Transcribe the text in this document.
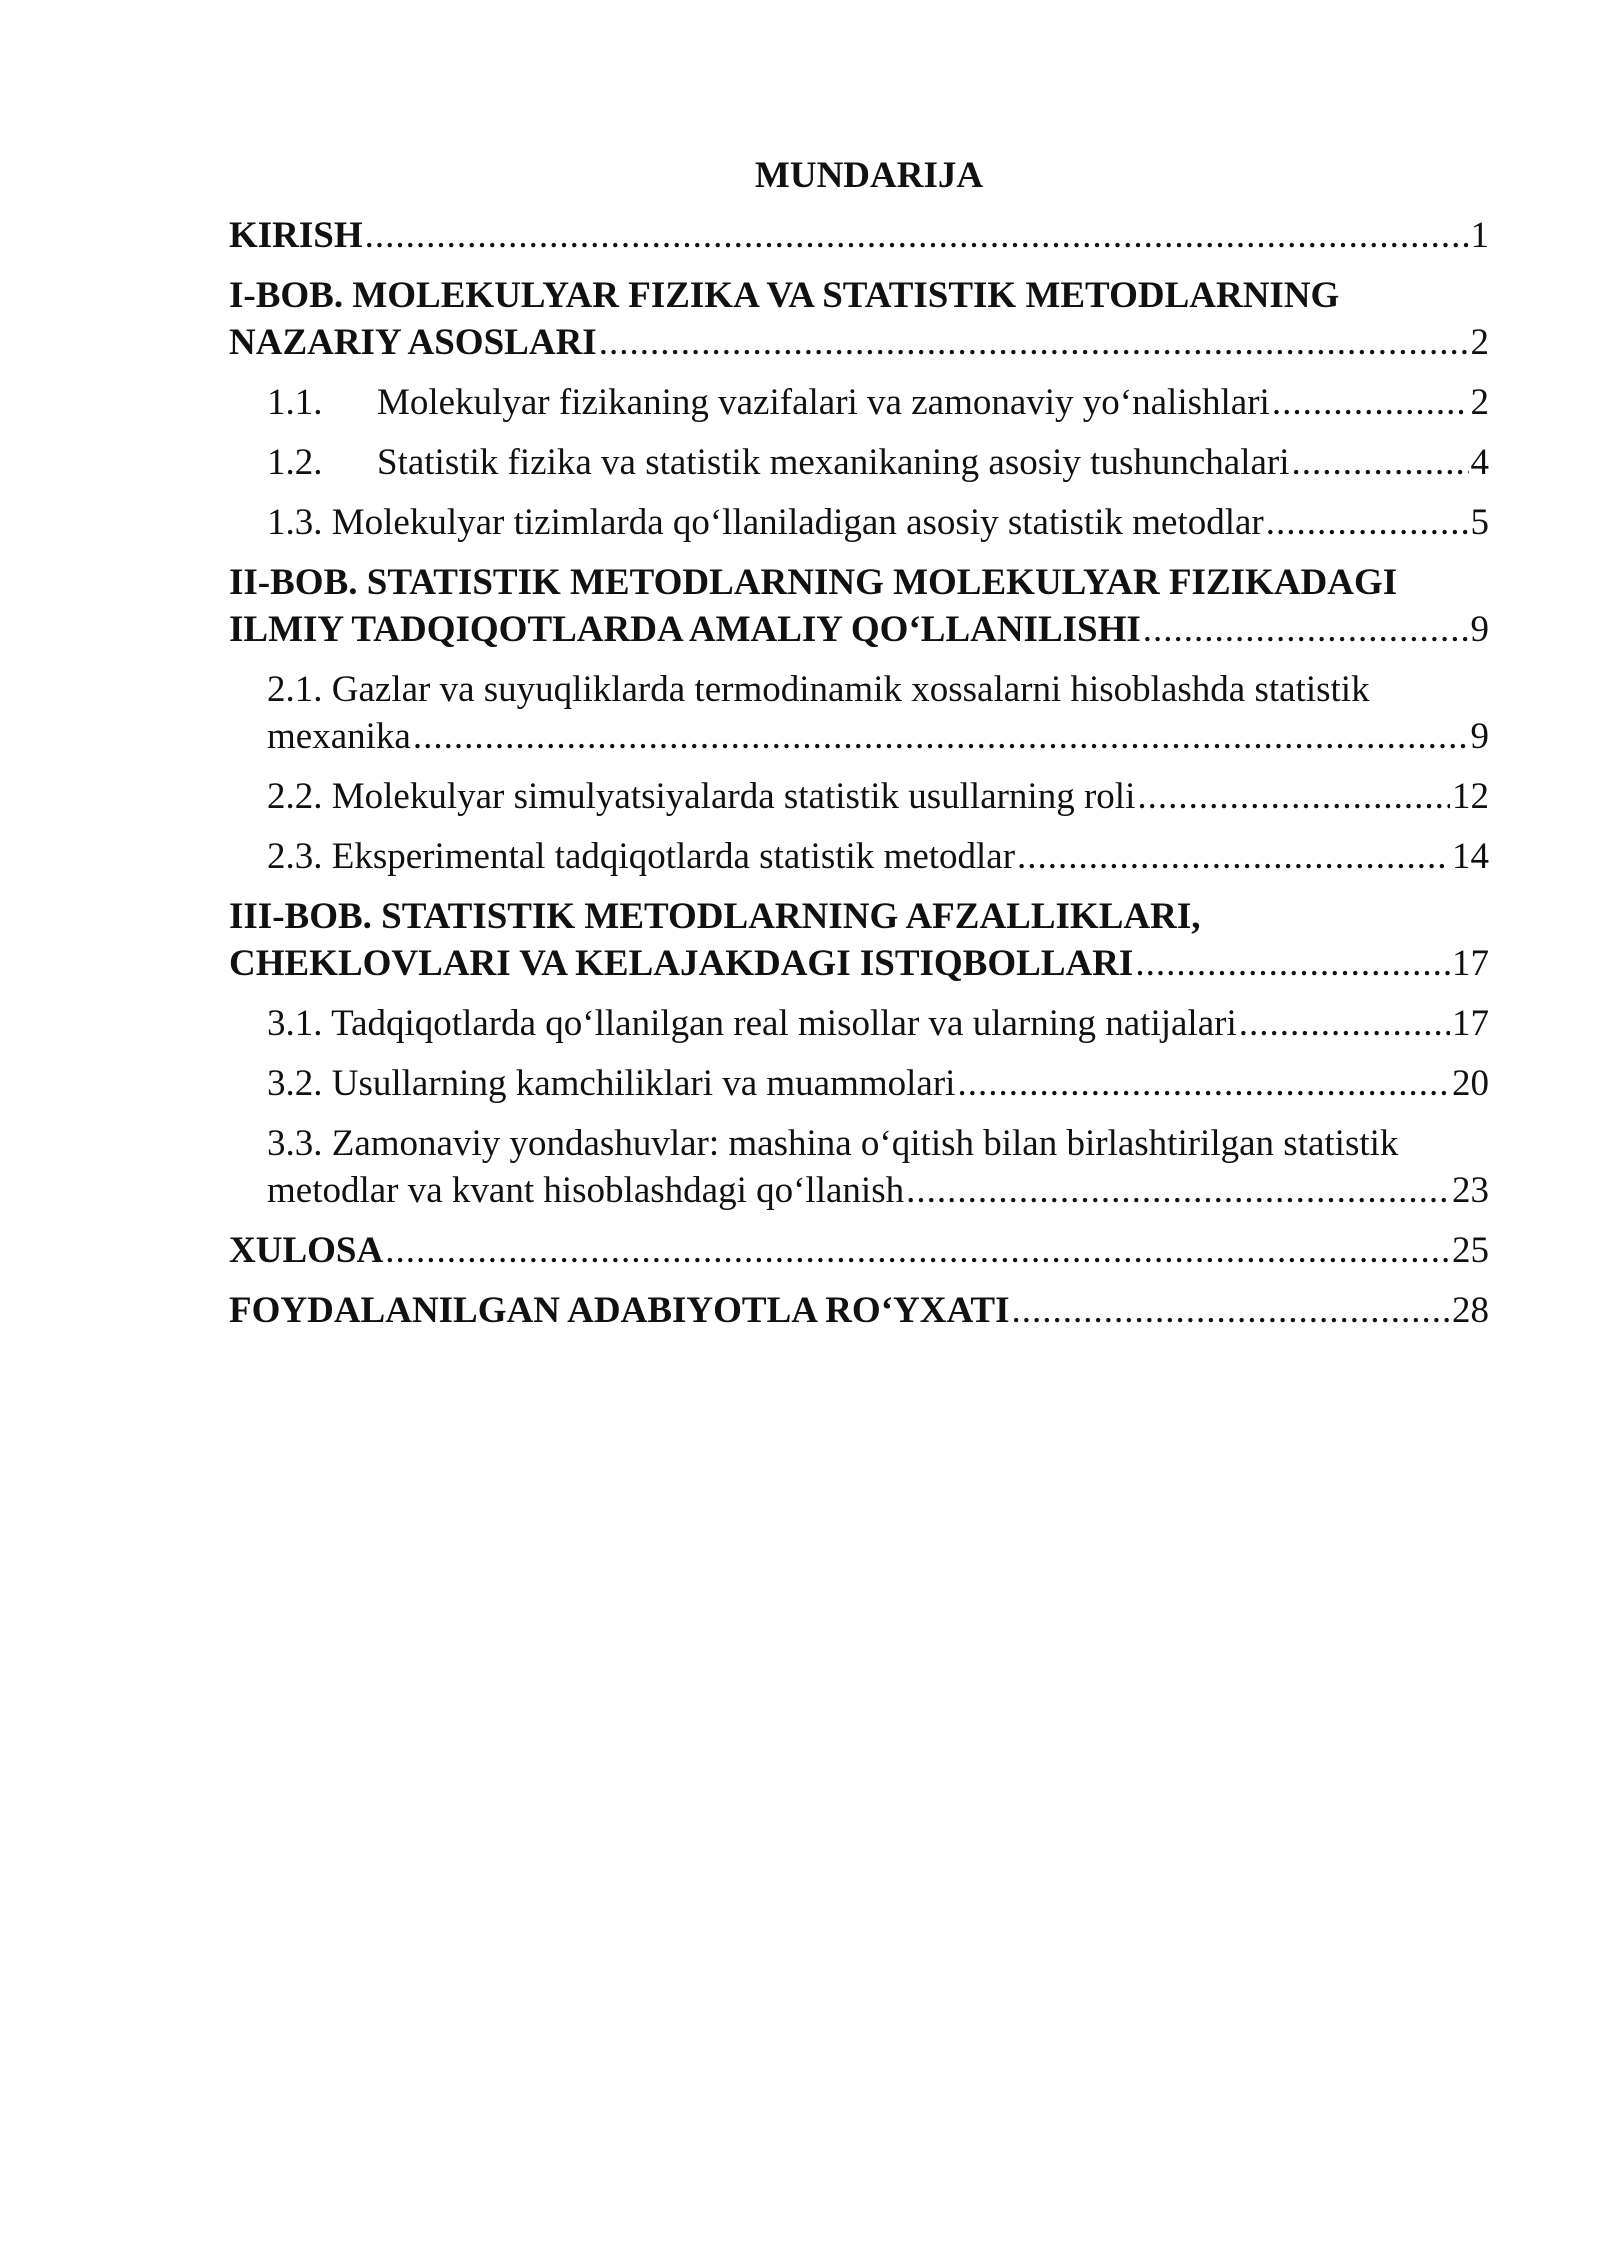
MUNDARIJA
KIRISH .....	1
I-BOB. MOLEKULYAR FIZIKA VA STATISTIK METODLARNING
NAZARIY ASOSLARI .....	2
1.1. Molekulyar fizikaning vazifalari va zamonaviy yo‘nalishlari .....	2
1.2. Statistik fizika va statistik mexanikaning asosiy tushunchalari .....	4
1.3. Molekulyar tizimlarda qo‘llaniladigan asosiy statistik metodlar .....	5
II-BOB. STATISTIK METODLARNING MOLEKULYAR FIZIKADAGI
ILMIY TADQIQOTLARDA AMALIY QO‘LLANILISHI .....	9
2.1. Gazlar va suyuqliklarda termodinamik xossalarni hisoblashda statistik
mexanika .....	9
2.2. Molekulyar simulyatsiyalarda statistik usullarning roli .....	12
2.3. Eksperimental tadqiqotlarda statistik metodlar .....	14
III-BOB. STATISTIK METODLARNING AFZALLIKLARI,
CHEKLOVLARI VA KELAJAKDAGI ISTIQBOLLARI .....	17
3.1. Tadqiqotlarda qo‘llanilgan real misollar va ularning natijalari .....	17
3.2. Usullarning kamchiliklari va muammolari .....	20
3.3. Zamonaviy yondashuvlar: mashina o‘qitish bilan birlashtirilgan statistik
metodlar va kvant hisoblashdagi qo‘llanish .....	23
XULOSA .....	25
FOYDALANILGAN ADABIYOTLA RO‘YXATI .....	28
